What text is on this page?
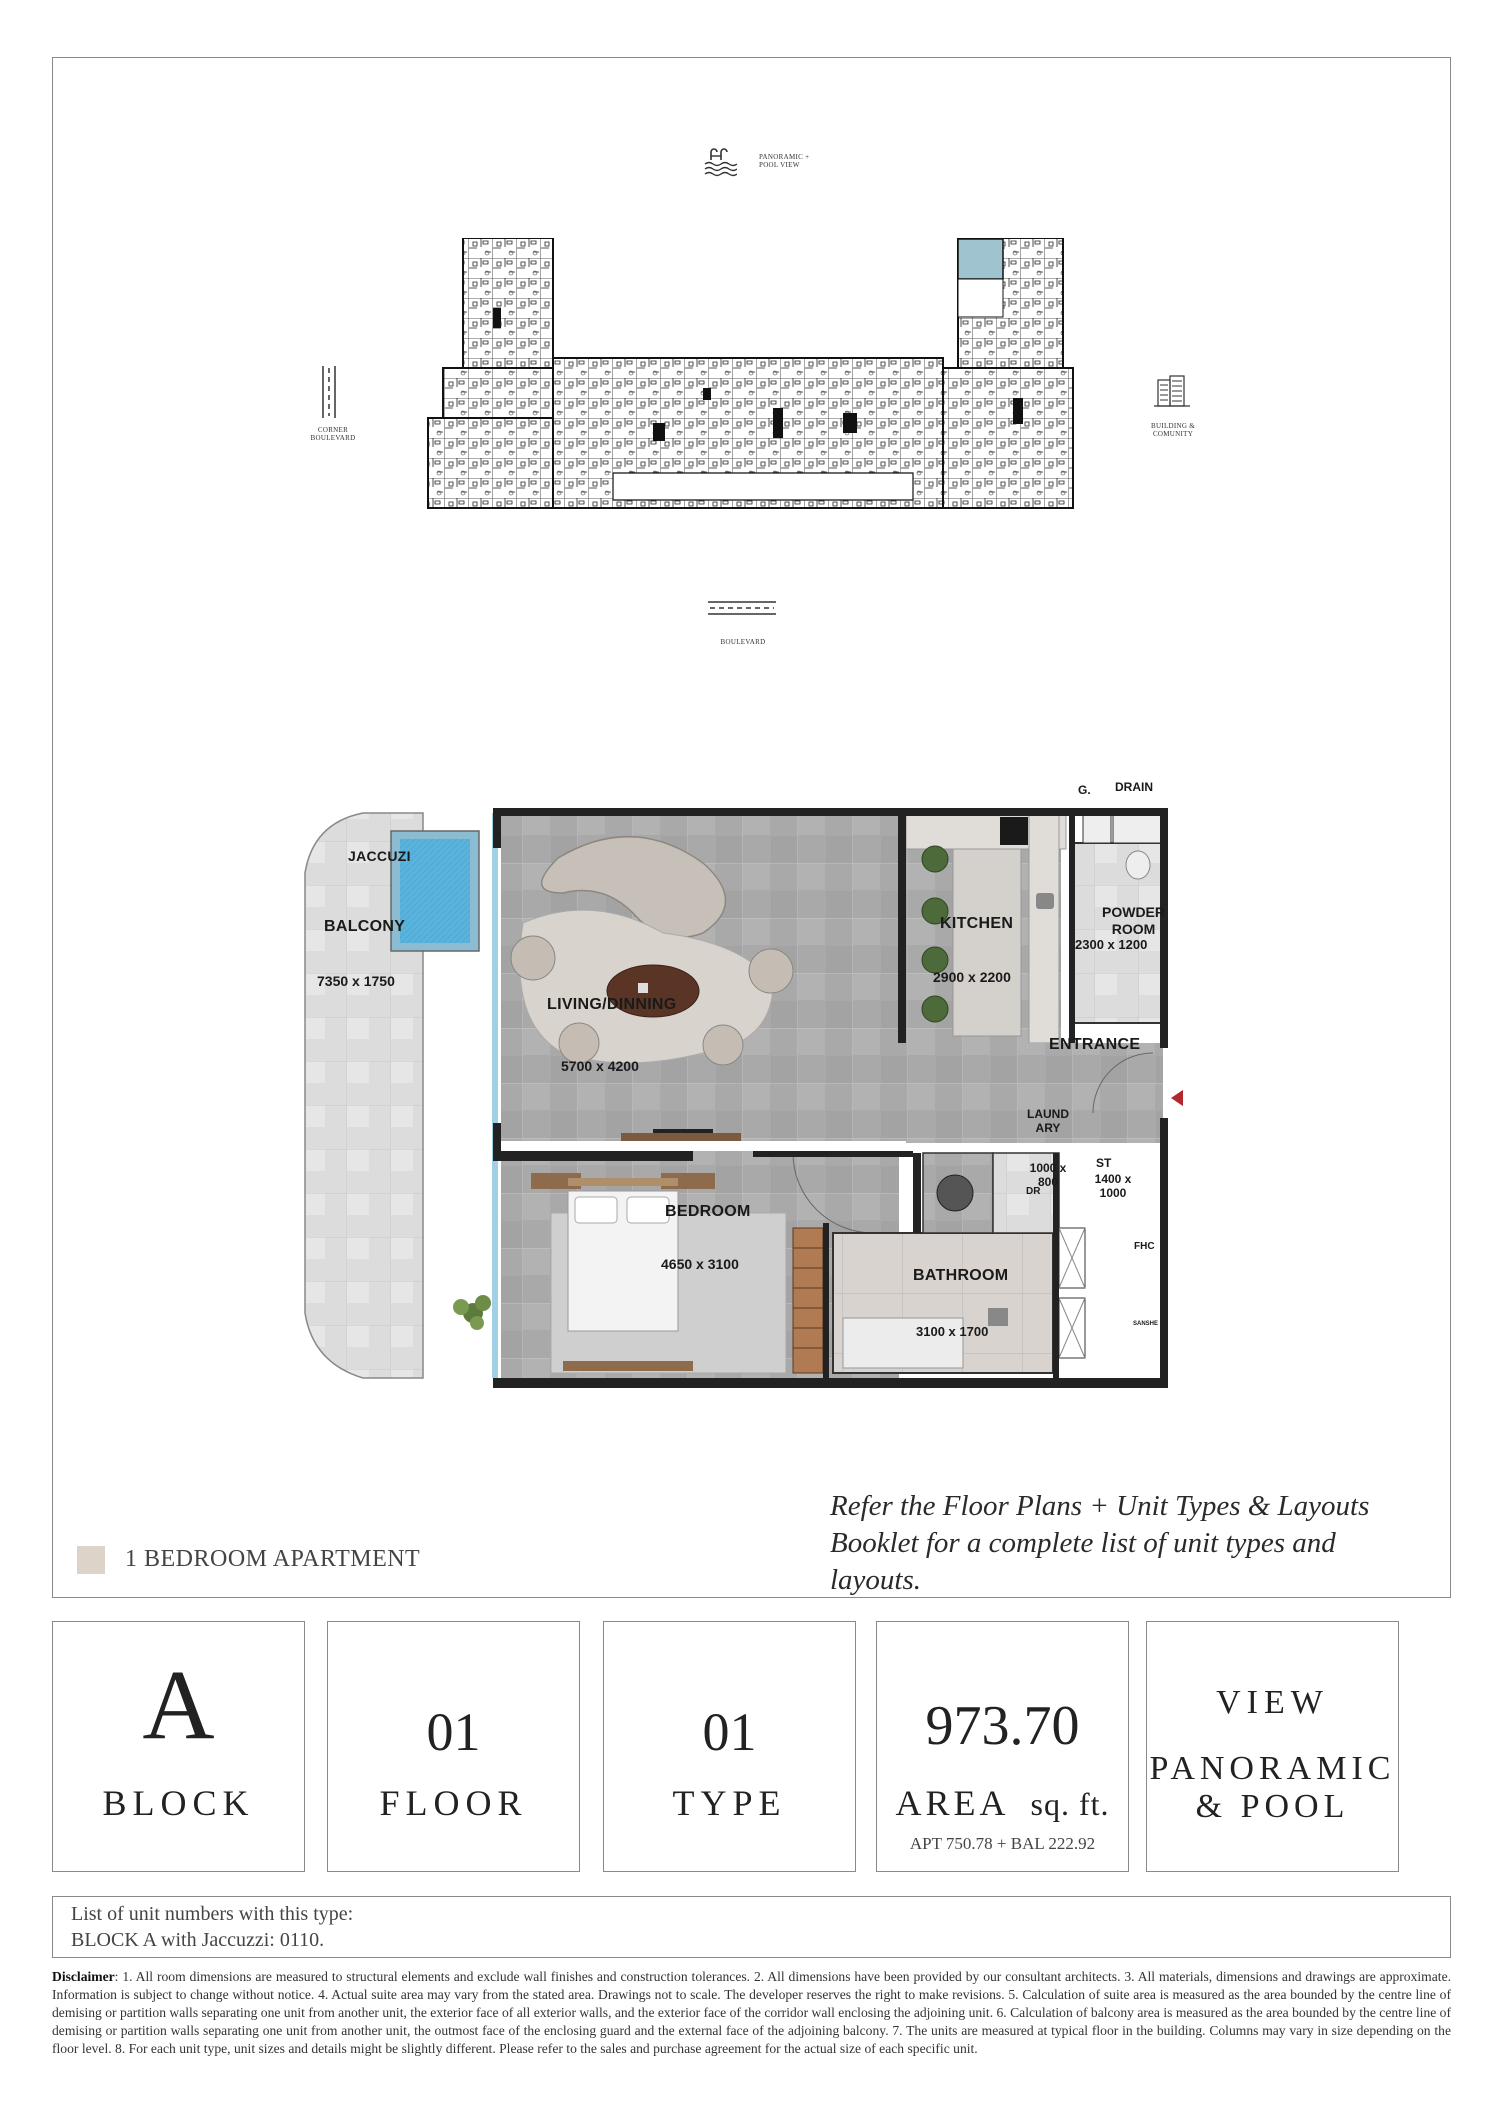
PANORAMIC + POOL VIEW
CORNER BOULEVARD
BUILDING & COMUNITY
BOULEVARD
JACCUZI
BALCONY
7350 x 1750
LIVING/DINNING
5700 x 4200
KITCHEN
2900 x 2200
G. DRAIN
POWDER ROOM
2300 x 1200
ENTRANCE
LAUND ARY
1000 x 800
DR
ST
1400 x 1000
BEDROOM
4650 x 3100
BATHROOM
3100 x 1700
FHC
SANSHE
1 BEDROOM APARTMENT
Refer the Floor Plans + Unit Types & Layouts Booklet for a complete list of unit types and layouts.
A
BLOCK
01
FLOOR
01
TYPE
973.70
AREA sq. ft.
APT 750.78 + BAL 222.92
VIEW
PANORAMIC
& POOL
List of unit numbers with this type:
BLOCK A with Jaccuzzi: 0110.
Disclaimer: 1. All room dimensions are measured to structural elements and exclude wall finishes and construction tolerances. 2. All dimensions have been provided by our consultant architects. 3. All materials, dimensions and drawings are approximate. Information is subject to change without notice. 4. Actual suite area may vary from the stated area. Drawings not to scale. The developer reserves the right to make revisions. 5. Calculation of suite area is measured as the area bounded by the centre line of demising or partition walls separating one unit from another unit, the exterior face of all exterior walls, and the exterior face of the corridor wall enclosing the adjoining unit. 6. Calculation of balcony area is measured as the area bounded by the centre line of demising or partition walls separating one unit from another unit, the outmost face of the enclosing guard and the external face of the adjoining balcony. 7. The units are measured at typical floor in the building. Columns may vary in size depending on the floor level. 8. For each unit type, unit sizes and details might be slightly different. Please refer to the sales and purchase agreement for the actual size of each specific unit.
